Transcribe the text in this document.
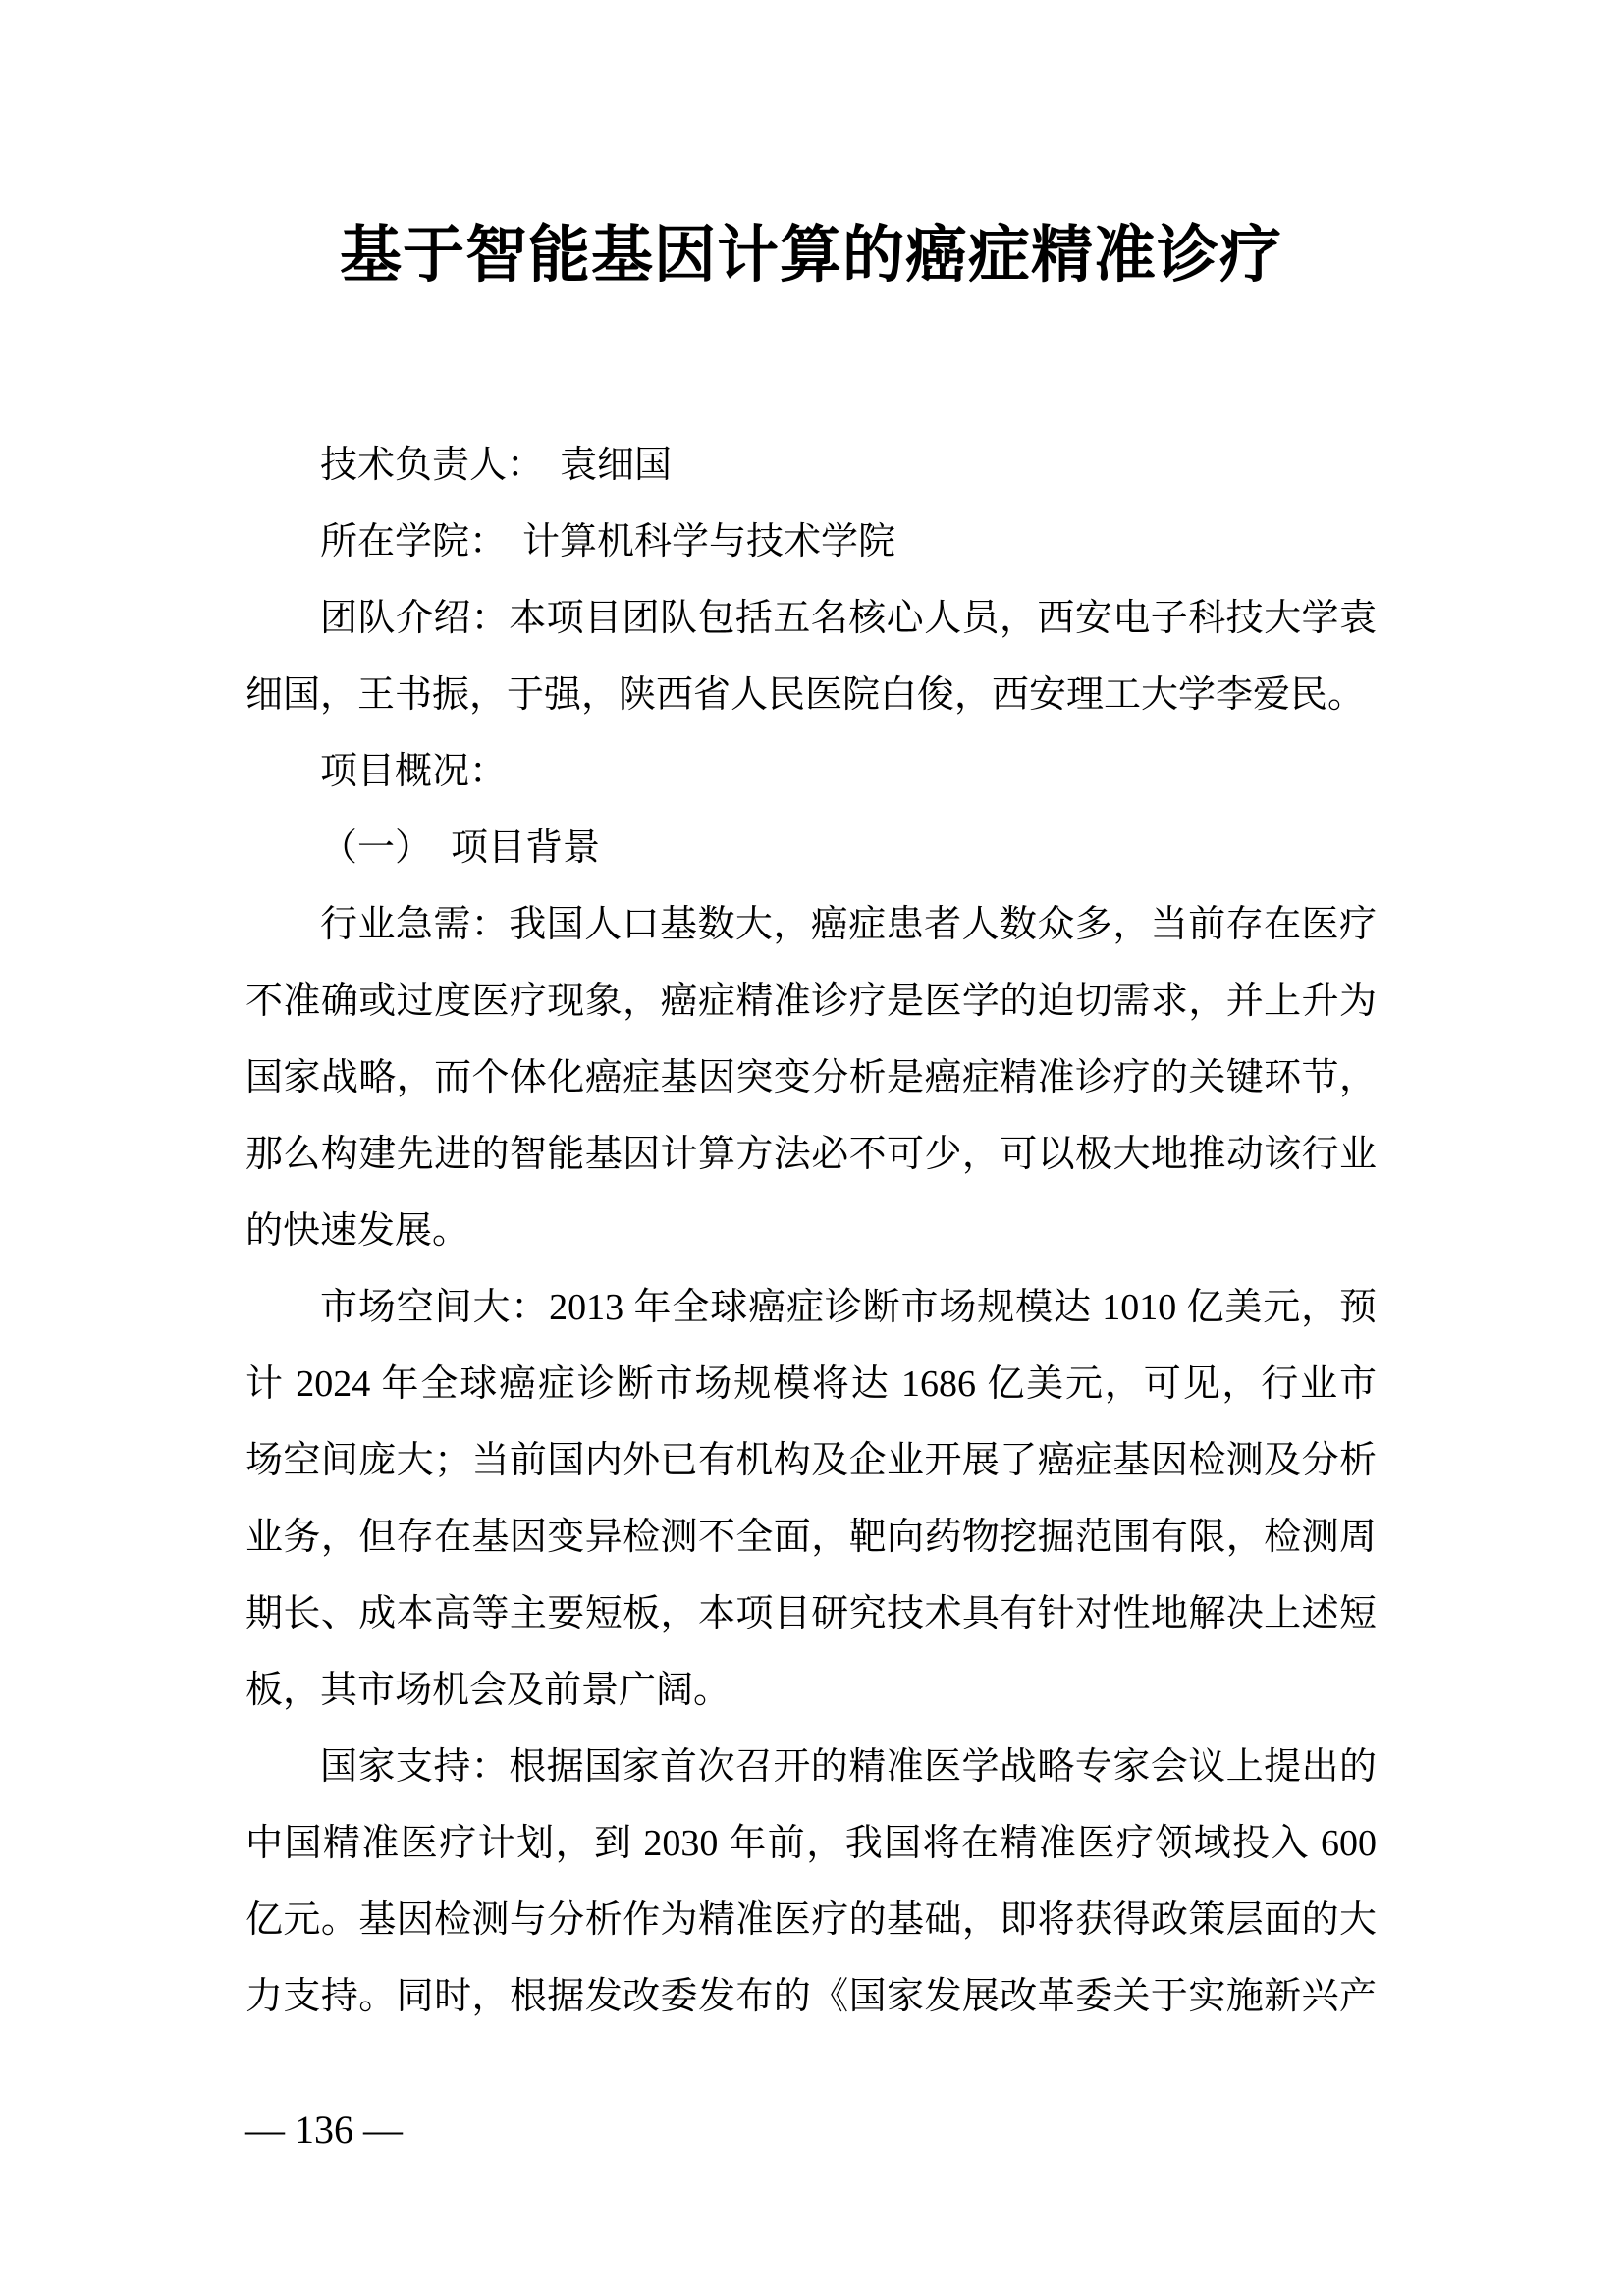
基于智能基因计算的癌症精准诊疗

技术负责人： 袁细国

所在学院： 计算机科学与技术学院

团队介绍：本项目团队包括五名核心人员，西安电子科技大学袁

细国，王书振，于强，陕西省人民医院白俊，西安理工大学李爱民。

项目概况：

（一）　项目背景

行业急需：我国人口基数大，癌症患者人数众多，当前存在医疗

不准确或过度医疗现象，癌症精准诊疗是医学的迫切需求，并上升为

国家战略，而个体化癌症基因突变分析是癌症精准诊疗的关键环节，

那么构建先进的智能基因计算方法必不可少，可以极大地推动该行业

的快速发展。

市场空间大：2013 年全球癌症诊断市场规模达 1010 亿美元，预

计 2024 年全球癌症诊断市场规模将达 1686 亿美元，可见，行业市

场空间庞大；当前国内外已有机构及企业开展了癌症基因检测及分析

业务，但存在基因变异检测不全面，靶向药物挖掘范围有限，检测周

期长、成本高等主要短板，本项目研究技术具有针对性地解决上述短

板，其市场机会及前景广阔。

国家支持：根据国家首次召开的精准医学战略专家会议上提出的

中国精准医疗计划，到 2030 年前，我国将在精准医疗领域投入 600

亿元。基因检测与分析作为精准医疗的基础，即将获得政策层面的大

力支持。同时，根据发改委发布的《国家发展改革委关于实施新兴产

— 136 —
